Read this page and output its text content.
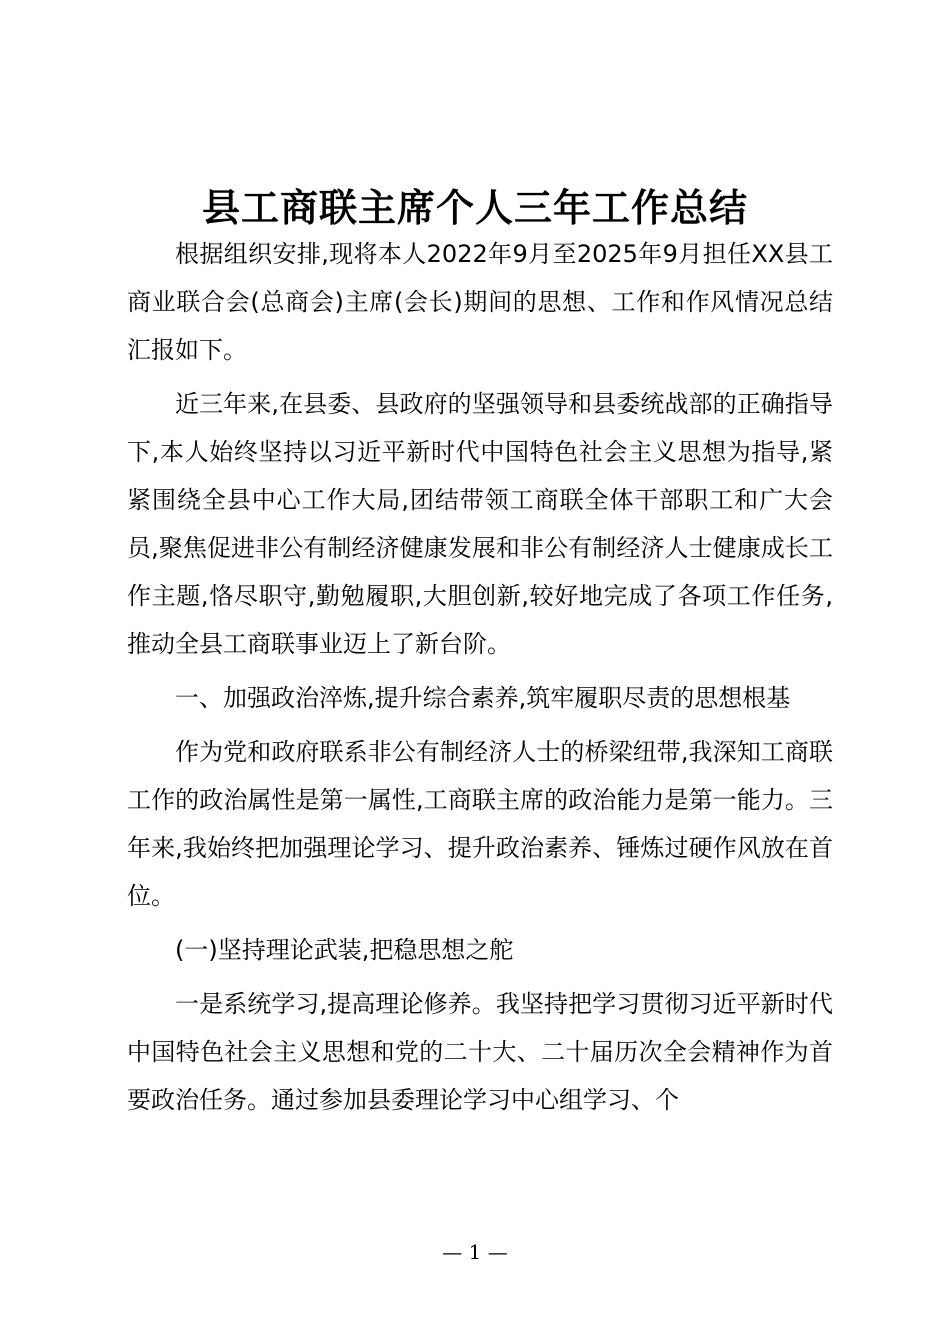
县工商联主席个人三年工作总结

根据组织安排,现将本人2022年9月至2025年9月担任XX县工商业联合会(总商会)主席(会长)期间的思想、工作和作风情况总结汇报如下。

近三年来,在县委、县政府的坚强领导和县委统战部的正确指导下,本人始终坚持以习近平新时代中国特色社会主义思想为指导,紧紧围绕全县中心工作大局,团结带领工商联全体干部职工和广大会员,聚焦促进非公有制经济健康发展和非公有制经济人士健康成长工作主题,恪尽职守,勤勉履职,大胆创新,较好地完成了各项工作任务,推动全县工商联事业迈上了新台阶。

一、加强政治淬炼,提升综合素养,筑牢履职尽责的思想根基

作为党和政府联系非公有制经济人士的桥梁纽带,我深知工商联工作的政治属性是第一属性,工商联主席的政治能力是第一能力。三年来,我始终把加强理论学习、提升政治素养、锤炼过硬作风放在首位。

(一)坚持理论武装,把稳思想之舵

一是系统学习,提高理论修养。我坚持把学习贯彻习近平新时代中国特色社会主义思想和党的二十大、二十届历次全会精神作为首要政治任务。通过参加县委理论学习中心组学习、个

— 1 —
